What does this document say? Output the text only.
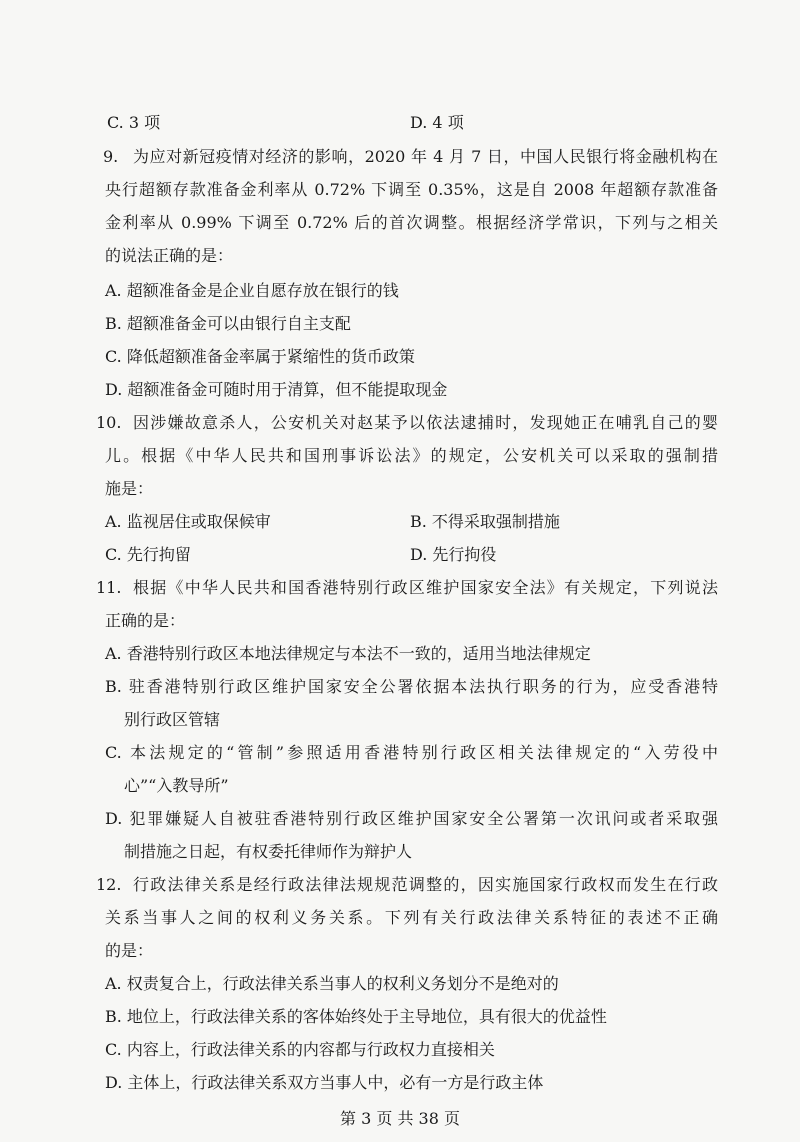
C. 3 项	D. 4 项
9. 为应对新冠疫情对经济的影响，2020 年 4 月 7 日，中国人民银行将金融机构在
央行超额存款准备金利率从 0.72% 下调至 0.35%，这是自 2008 年超额存款准备
金利率从 0.99% 下调至 0.72% 后的首次调整。根据经济学常识，下列与之相关
的说法正确的是：
A. 超额准备金是企业自愿存放在银行的钱
B. 超额准备金可以由银行自主支配
C. 降低超额准备金率属于紧缩性的货币政策
D. 超额准备金可随时用于清算，但不能提取现金
10. 因涉嫌故意杀人，公安机关对赵某予以依法逮捕时，发现她正在哺乳自己的婴
儿。根据《中华人民共和国刑事诉讼法》的规定，公安机关可以采取的强制措
施是：
A. 监视居住或取保候审	B. 不得采取强制措施
C. 先行拘留	D. 先行拘役
11. 根据《中华人民共和国香港特别行政区维护国家安全法》有关规定，下列说法
正确的是：
A. 香港特别行政区本地法律规定与本法不一致的，适用当地法律规定
B. 驻香港特别行政区维护国家安全公署依据本法执行职务的行为，应受香港特
别行政区管辖
C. 本法规定的“管制”参照适用香港特别行政区相关法律规定的“入劳役中
心”“入教导所”
D. 犯罪嫌疑人自被驻香港特别行政区维护国家安全公署第一次讯问或者采取强
制措施之日起，有权委托律师作为辩护人
12. 行政法律关系是经行政法律法规规范调整的，因实施国家行政权而发生在行政
关系当事人之间的权利义务关系。下列有关行政法律关系特征的表述不正确
的是：
A. 权责复合上，行政法律关系当事人的权利义务划分不是绝对的
B. 地位上，行政法律关系的客体始终处于主导地位，具有很大的优益性
C. 内容上，行政法律关系的内容都与行政权力直接相关
D. 主体上，行政法律关系双方当事人中，必有一方是行政主体
第 3 页 共 38 页
